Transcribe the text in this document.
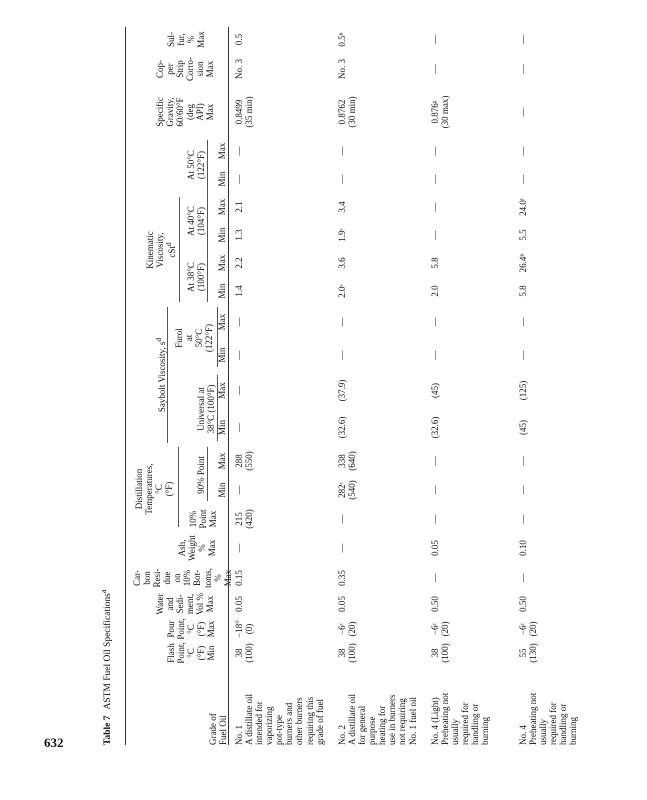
632	Table 7ASTM Fuel Oil Specifications$^a$
Grade of
Fuel Oil
Flash
Point,
°C
(°F)
Min
Pour
Point,
°C
(°F)
Max
Water
and
Sedi-
ment,
Vol %
Max
Car-
bon
Resi-
due
on
10%
Bot-
toms,
%
Max
Ash,
Weight
%
Max
Distillation
Temperatures,
°C
(°F)
10%
Point
Max
90% Point Min
Max
Saybolt Viscosity, $s^d$
Universal at
38°C (100°F)
Min
Max
Furol
at
50°C
(122°F)
Min
Max
Kinematic
Viscosity,
cSt$^d$
At 38°C
(100°F)
At 40°C
(104°F)
At 50°C
(122°F)
Min
Max
Min
Max
Min
Max
Specific
Gravity,
60/60°F
(deg
API)
Max
Cop-
per
Strip
Corro-
sion
Max
Sul-
fur,
%
Max
No. 1
A distillate oil
intended for
vaporizing
pot-type
burners and
other burners
requiring this
grade of fuel
38
(100)
−18°
(0)
0.05
0.15
—
215
(420)
—
288
(550)
—
—
—
—
1.4
2.2
1.3
2.1
—
—
0.8499
(35 min)
No. 3
0.5
No. 2
A distillate oil
for general
purpose
heating for
use in burners
not requiring
No. 1 fuel oil
38
(100)
−6ᶜ
(20)
0.05
0.35
—
—
282ᶜ
(540)
338
(640)
(32.6)
(37.9)
—
—
2.0ᶜ
3.6
1.9ᶜ
3.4
—
—
0.8762
(30 min)
No. 3
0.5ʰ
No. 4 (Light)
Preheating not
usually
required for
handling or
burning
38
(100)
−6ᶜ
(20)
0.50
—
0.05
—
—
—
(32.6)
(45)
—
—
2.0
5.8
—
—
—
—
0.876ᵍ
(30 max)
—
—
No. 4
Preheating not
usually
required for
handling or
burning
55
(130)
−6ᶜ
(20)
0.50
—
0.10
—
—
—
(45)
(125)
—
—
5.8
26.4ʰ
5.5
24.0ᶠ
—
—
—
—
—
